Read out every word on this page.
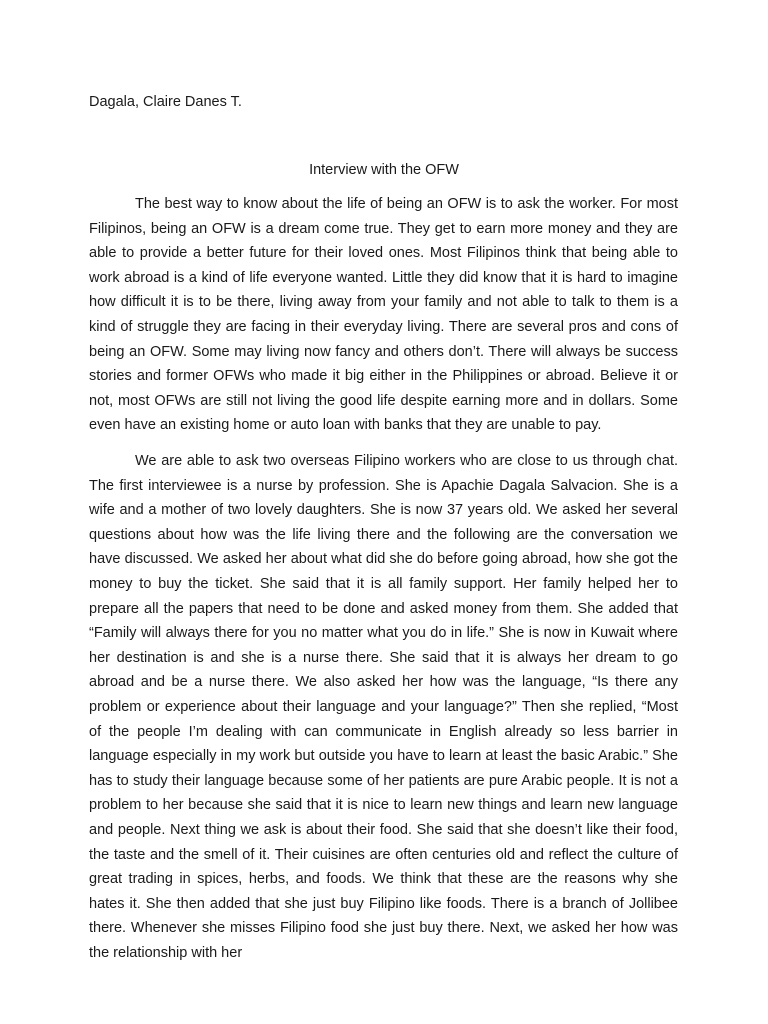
Dagala, Claire Danes T.
Interview with the OFW

The best way to know about the life of being an OFW is to ask the worker. For most Filipinos, being an OFW is a dream come true. They get to earn more money and they are able to provide a better future for their loved ones. Most Filipinos think that being able to work abroad is a kind of life everyone wanted. Little they did know that it is hard to imagine how difficult it is to be there, living away from your family and not able to talk to them is a kind of struggle they are facing in their everyday living. There are several pros and cons of being an OFW. Some may living now fancy and others don’t. There will always be success stories and former OFWs who made it big either in the Philippines or abroad. Believe it or not, most OFWs are still not living the good life despite earning more and in dollars. Some even have an existing home or auto loan with banks that they are unable to pay.

We are able to ask two overseas Filipino workers who are close to us through chat. The first interviewee is a nurse by profession. She is Apachie Dagala Salvacion. She is a wife and a mother of two lovely daughters. She is now 37 years old. We asked her several questions about how was the life living there and the following are the conversation we have discussed. We asked her about what did she do before going abroad, how she got the money to buy the ticket. She said that it is all family support. Her family helped her to prepare all the papers that need to be done and asked money from them. She added that “Family will always there for you no matter what you do in life.” She is now in Kuwait where her destination is and she is a nurse there. She said that it is always her dream to go abroad and be a nurse there. We also asked her how was the language, “Is there any problem or experience about their language and your language?” Then she replied, “Most of the people I’m dealing with can communicate in English already so less barrier in language especially in my work but outside you have to learn at least the basic Arabic.” She has to study their language because some of her patients are pure Arabic people. It is not a problem to her because she said that it is nice to learn new things and learn new language and people. Next thing we ask is about their food. She said that she doesn’t like their food, the taste and the smell of it. Their cuisines are often centuries old and reflect the culture of great trading in spices, herbs, and foods. We think that these are the reasons why she hates it. She then added that she just buy Filipino like foods. There is a branch of Jollibee there. Whenever she misses Filipino food she just buy there. Next, we asked her how was the relationship with her
